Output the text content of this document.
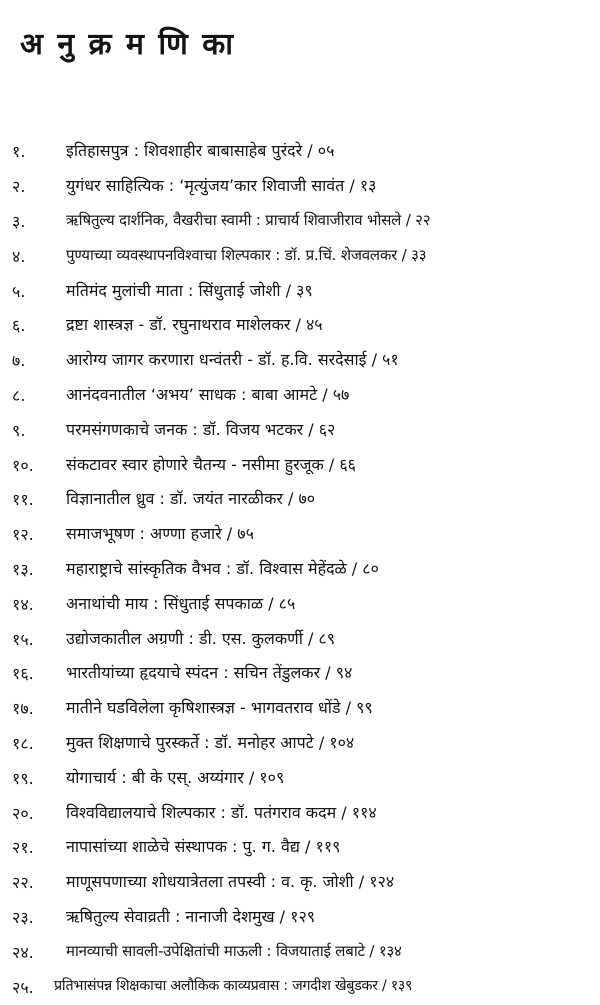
अ नु क्र म णि का
१.	इतिहासपुत्र : शिवशाहीर बाबासाहेब पुरंदरे / ०५
२.	युगंधर साहित्यिक : ‘मृत्युंजय’कार शिवाजी सावंत / १३
३.	ऋषितुल्य दार्शनिक, वैखरीचा स्वामी : प्राचार्य शिवाजीराव भोसले / २२
४.	पुण्याच्या व्यवस्थापनविश्वाचा शिल्पकार : डॉ. प्र.चिं. शेजवलकर / ३३
५.	मतिमंद मुलांची माता : सिंधुताई जोशी / ३९
६.	द्रष्टा शास्त्रज्ञ - डॉ. रघुनाथराव माशेलकर / ४५
७.	आरोग्य जागर करणारा धन्वंतरी - डॉ. ह.वि. सरदेसाई / ५१
८.	आनंदवनातील ‘अभय’ साधक : बाबा आमटे / ५७
९.	परमसंगणकाचे जनक : डॉ. विजय भटकर / ६२
१०.	संकटावर स्वार होणारे चैतन्य - नसीमा हुरजूक / ६६
११.	विज्ञानातील ध्रुव : डॉ. जयंत नारळीकर / ७०
१२.	समाजभूषण : अण्णा हजारे / ७५
१३.	महाराष्ट्राचे सांस्कृतिक वैभव : डॉ. विश्वास मेहेंदळे / ८०
१४.	अनाथांची माय : सिंधुताई सपकाळ / ८५
१५.	उद्योजकातील अग्रणी : डी. एस. कुलकर्णी / ८९
१६.	भारतीयांच्या हृदयाचे स्पंदन : सचिन तेंडुलकर / ९४
१७.	मातीने घडविलेला कृषिशास्त्रज्ञ - भागवतराव धोंडे / ९९
१८.	मुक्त शिक्षणाचे पुरस्कर्ते : डॉ. मनोहर आपटे / १०४
१९.	योगाचार्य : बी के एस्. अय्यंगार / १०९
२०.	विश्वविद्यालयाचे शिल्पकार : डॉ. पतंगराव कदम / ११४
२१.	नापासांच्या शाळेचे संस्थापक : पु. ग. वैद्य / ११९
२२.	माणूसपणाच्या शोधयात्रेतला तपस्वी : व. कृ. जोशी / १२४
२३.	ऋषितुल्य सेवाव्रती : नानाजी देशमुख / १२९
२४.	मानव्याची सावली-उपेक्षितांची माऊली : विजयाताई लबाटे / १३४
२५.	प्रतिभासंपन्न शिक्षकाचा अलौकिक काव्यप्रवास : जगदीश खेबुडकर / १३९
